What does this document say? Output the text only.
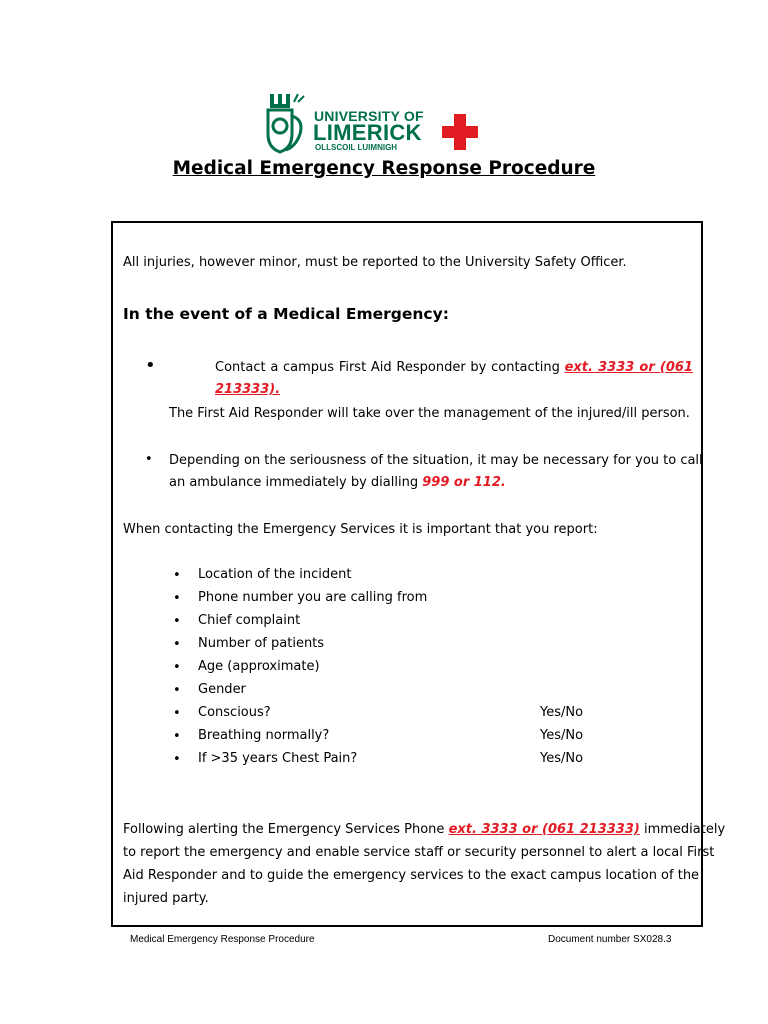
UNIVERSITY OF
LIMERICK
OLLSCOIL LUIMNIGH
Medical Emergency Response Procedure
All injuries, however minor, must be reported to the University Safety Officer.
In the event of a Medical Emergency:
•	Contact a campus First Aid Responder by contacting ext. 3333 or (061
213333).
The First Aid Responder will take over the management of the injured/ill person.
• Depending on the seriousness of the situation, it may be necessary for you to call
an ambulance immediately by dialling 999 or 112.
When contacting the Emergency Services it is important that you report:
• Location of the incident
• Phone number you are calling from
• Chief complaint
• Number of patients
• Age (approximate)
• Gender
• Conscious?	Yes/No
• Breathing normally?	Yes/No
• If >35 years Chest Pain?	Yes/No
Following alerting the Emergency Services Phone ext. 3333 or (061 213333) immediately
to report the emergency and enable service staff or security personnel to alert a local First
Aid Responder and to guide the emergency services to the exact campus location of the
injured party.
Medical Emergency Response Procedure	Document number SX028.3
